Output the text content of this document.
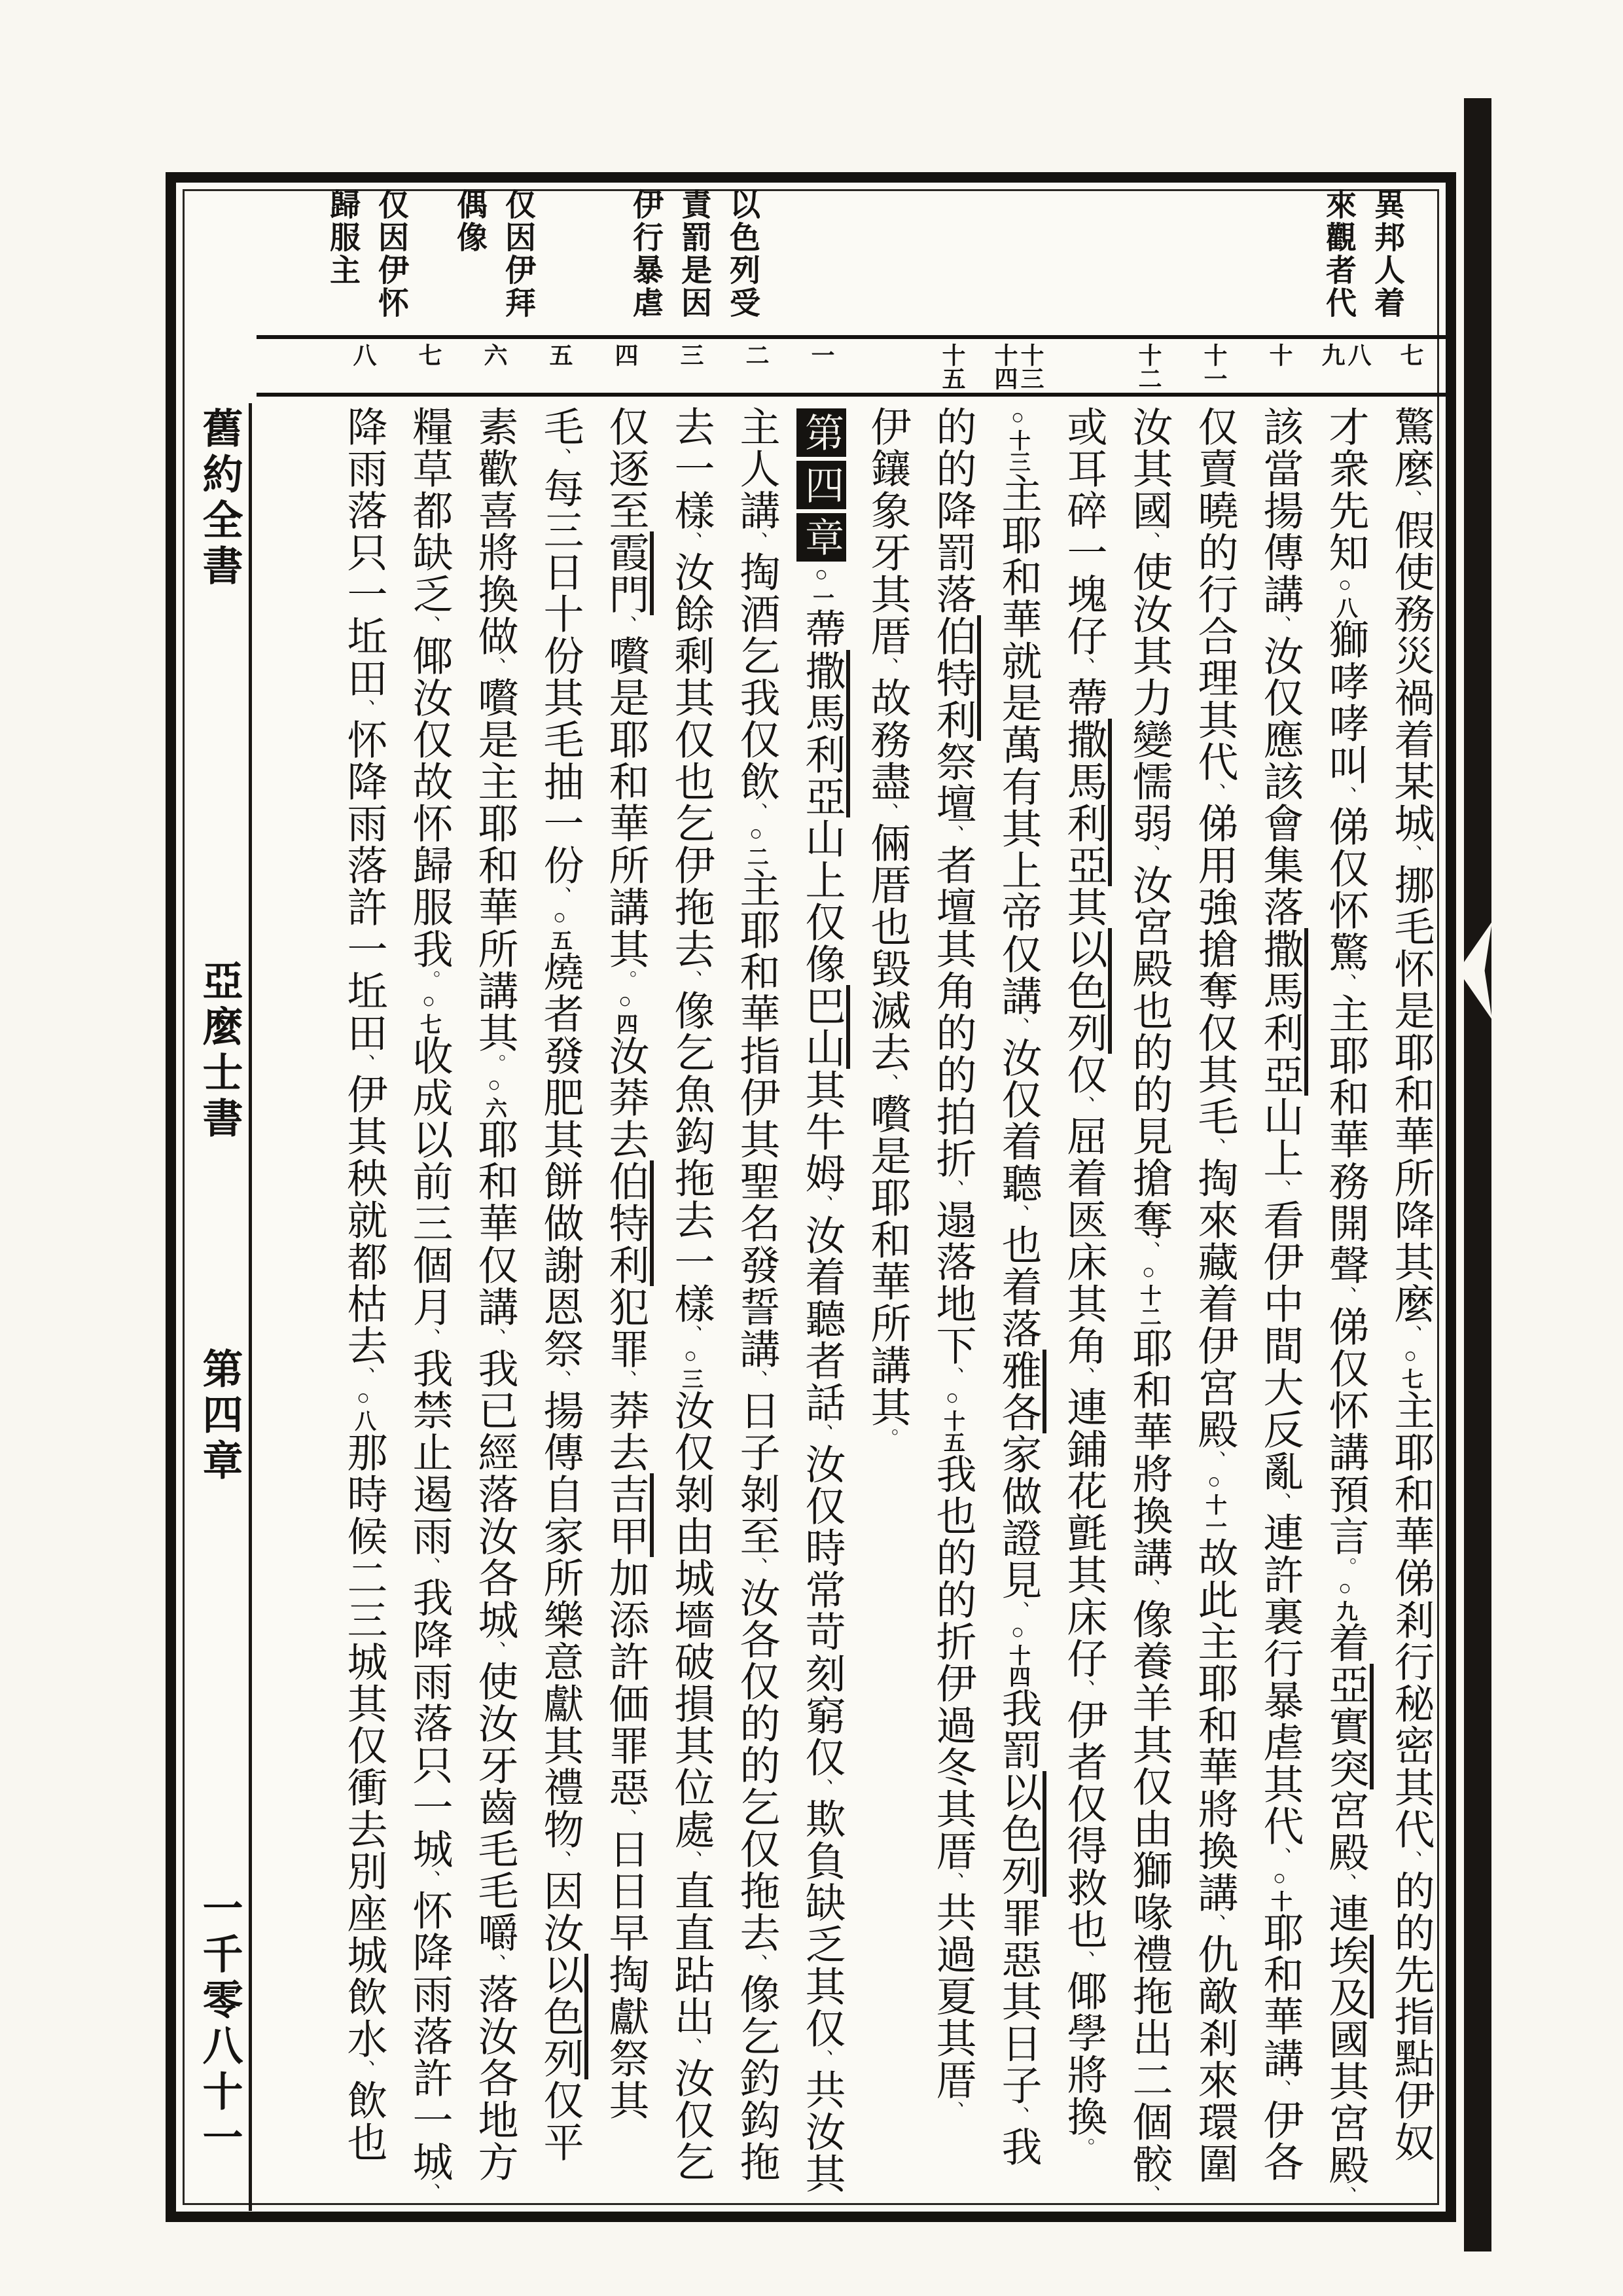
異邦人着
來觀者代
以色列受
責罰是因
伊行暴虐
仅因伊拜
偶像
仅因伊怀
歸服主
七
八
九
十
十一
十二
十三
十四
十五
一
二
三
四
五
六
七
八
驚麼、假使務災禍着某城、挪毛怀是耶和華所降其麼、○七主耶和華俤剎行秘密其代、的的先指點伊奴
才衆先知○八獅哮哮叫、俤仅怀驚、主耶和華務開聲、俤仅怀講預言。○九着亞實突宮殿、連埃及國其宮殿、
該當揚傳講、汝仅應該會集落撒馬利亞山上、看伊中間大反亂、連許裏行暴虐其代、○十耶和華講、伊各
仅賣曉的行合理其代、俤用強搶奪仅其毛、掏來藏着伊宮殿、○十一故此主耶和華將換講、仇敵剎來環圍
汝其國、使汝其力變懦弱、汝宮殿也的的見搶奪、○十二耶和華將換講、像養羊其仅由獅喙禮拖出二個骹、
或耳碎一塊仔、蔕撒馬利亞其以色列仅、屈着匧床其角、連鋪花氈其床仔、伊者仅得救也、倻學將換。
○十三主耶和華就是萬有其上帝仅講、汝仅着聽、也着落雅各家做證見、○十四我罰以色列罪惡其日子、我
的的降罰落伯特利祭壇、者壇其角的的拍折、遢落地下、○十五我也的的折伊過冬其厝、共過夏其厝、
伊鑲象牙其厝、故務盡、倆厝也毀滅去、嚽是耶和華所講其。
第四章○一蔕撒馬利亞山上仅像巴山其牛姆、汝着聽者話、汝仅時常苛刻窮仅、欺負缺乏其仅、共汝其
主人講、掏酒乞我仅飲、○二主耶和華指伊其聖名發誓講、日子剝至、汝各仅的的乞仅拖去、像乞釣鈎拖
去一樣、汝餘剩其仅也乞伊拖去、像乞魚鈎拖去一樣、○三汝仅剝由城墻破損其位處、直直跕出、汝仅乞
仅逐至霞門、嚽是耶和華所講其。○四汝莽去伯特利犯罪、莽去吉甲加添許価罪惡、日日早掏獻祭其
毛、每三日十份其毛抽一份、○五燒者發肥其餅做謝恩祭、揚傳自家所樂意獻其禮物、因汝以色列仅平
素歡喜將換做、嚽是主耶和華所講其。○六耶和華仅講、我已經落汝各城、使汝牙齒毛毛嚼、落汝各地方
糧草都缺乏、倻汝仅故怀歸服我。○七收成以前三個月、我禁止遏雨、我降雨落只一城、怀降雨落許一城、
降雨落只一坵田、怀降雨落許一坵田、伊其秧就都枯去、○八那時候二三城其仅衝去別座城飲水、飲也
舊約全書 亞麼士書 第四章 一千零八十一
